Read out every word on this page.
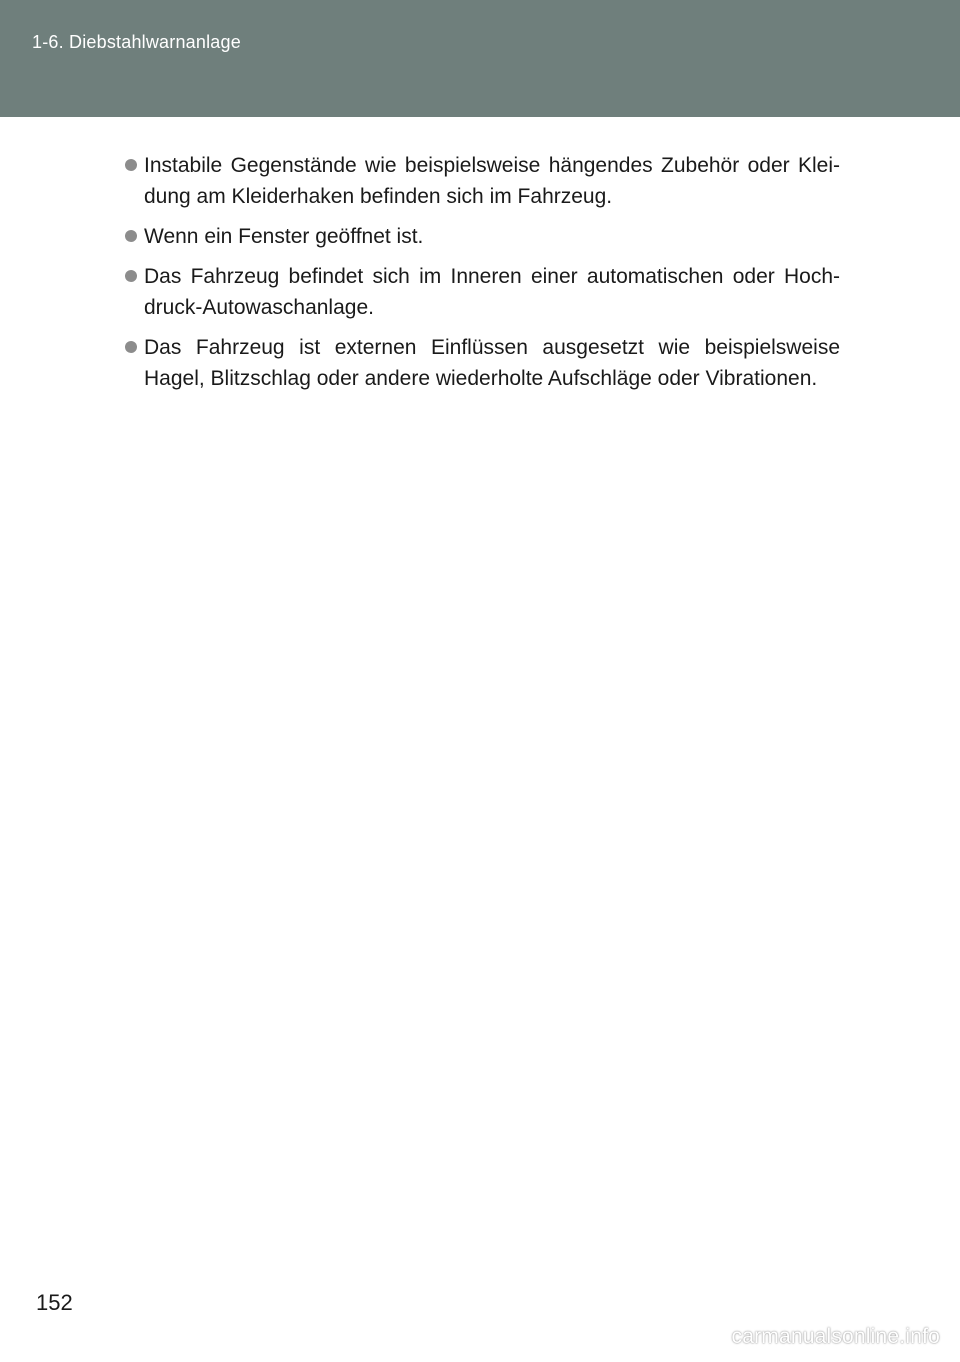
1-6. Diebstahlwarnanlage
Instabile Gegenstände wie beispielsweise hängendes Zubehör oder Klei-dung am Kleiderhaken befinden sich im Fahrzeug.
Wenn ein Fenster geöffnet ist.
Das Fahrzeug befindet sich im Inneren einer automatischen oder Hoch-druck-Autowaschanlage.
Das Fahrzeug ist externen Einflüssen ausgesetzt wie beispielsweise Hagel, Blitzschlag oder andere wiederholte Aufschläge oder Vibrationen.
152
carmanualsonline.info
